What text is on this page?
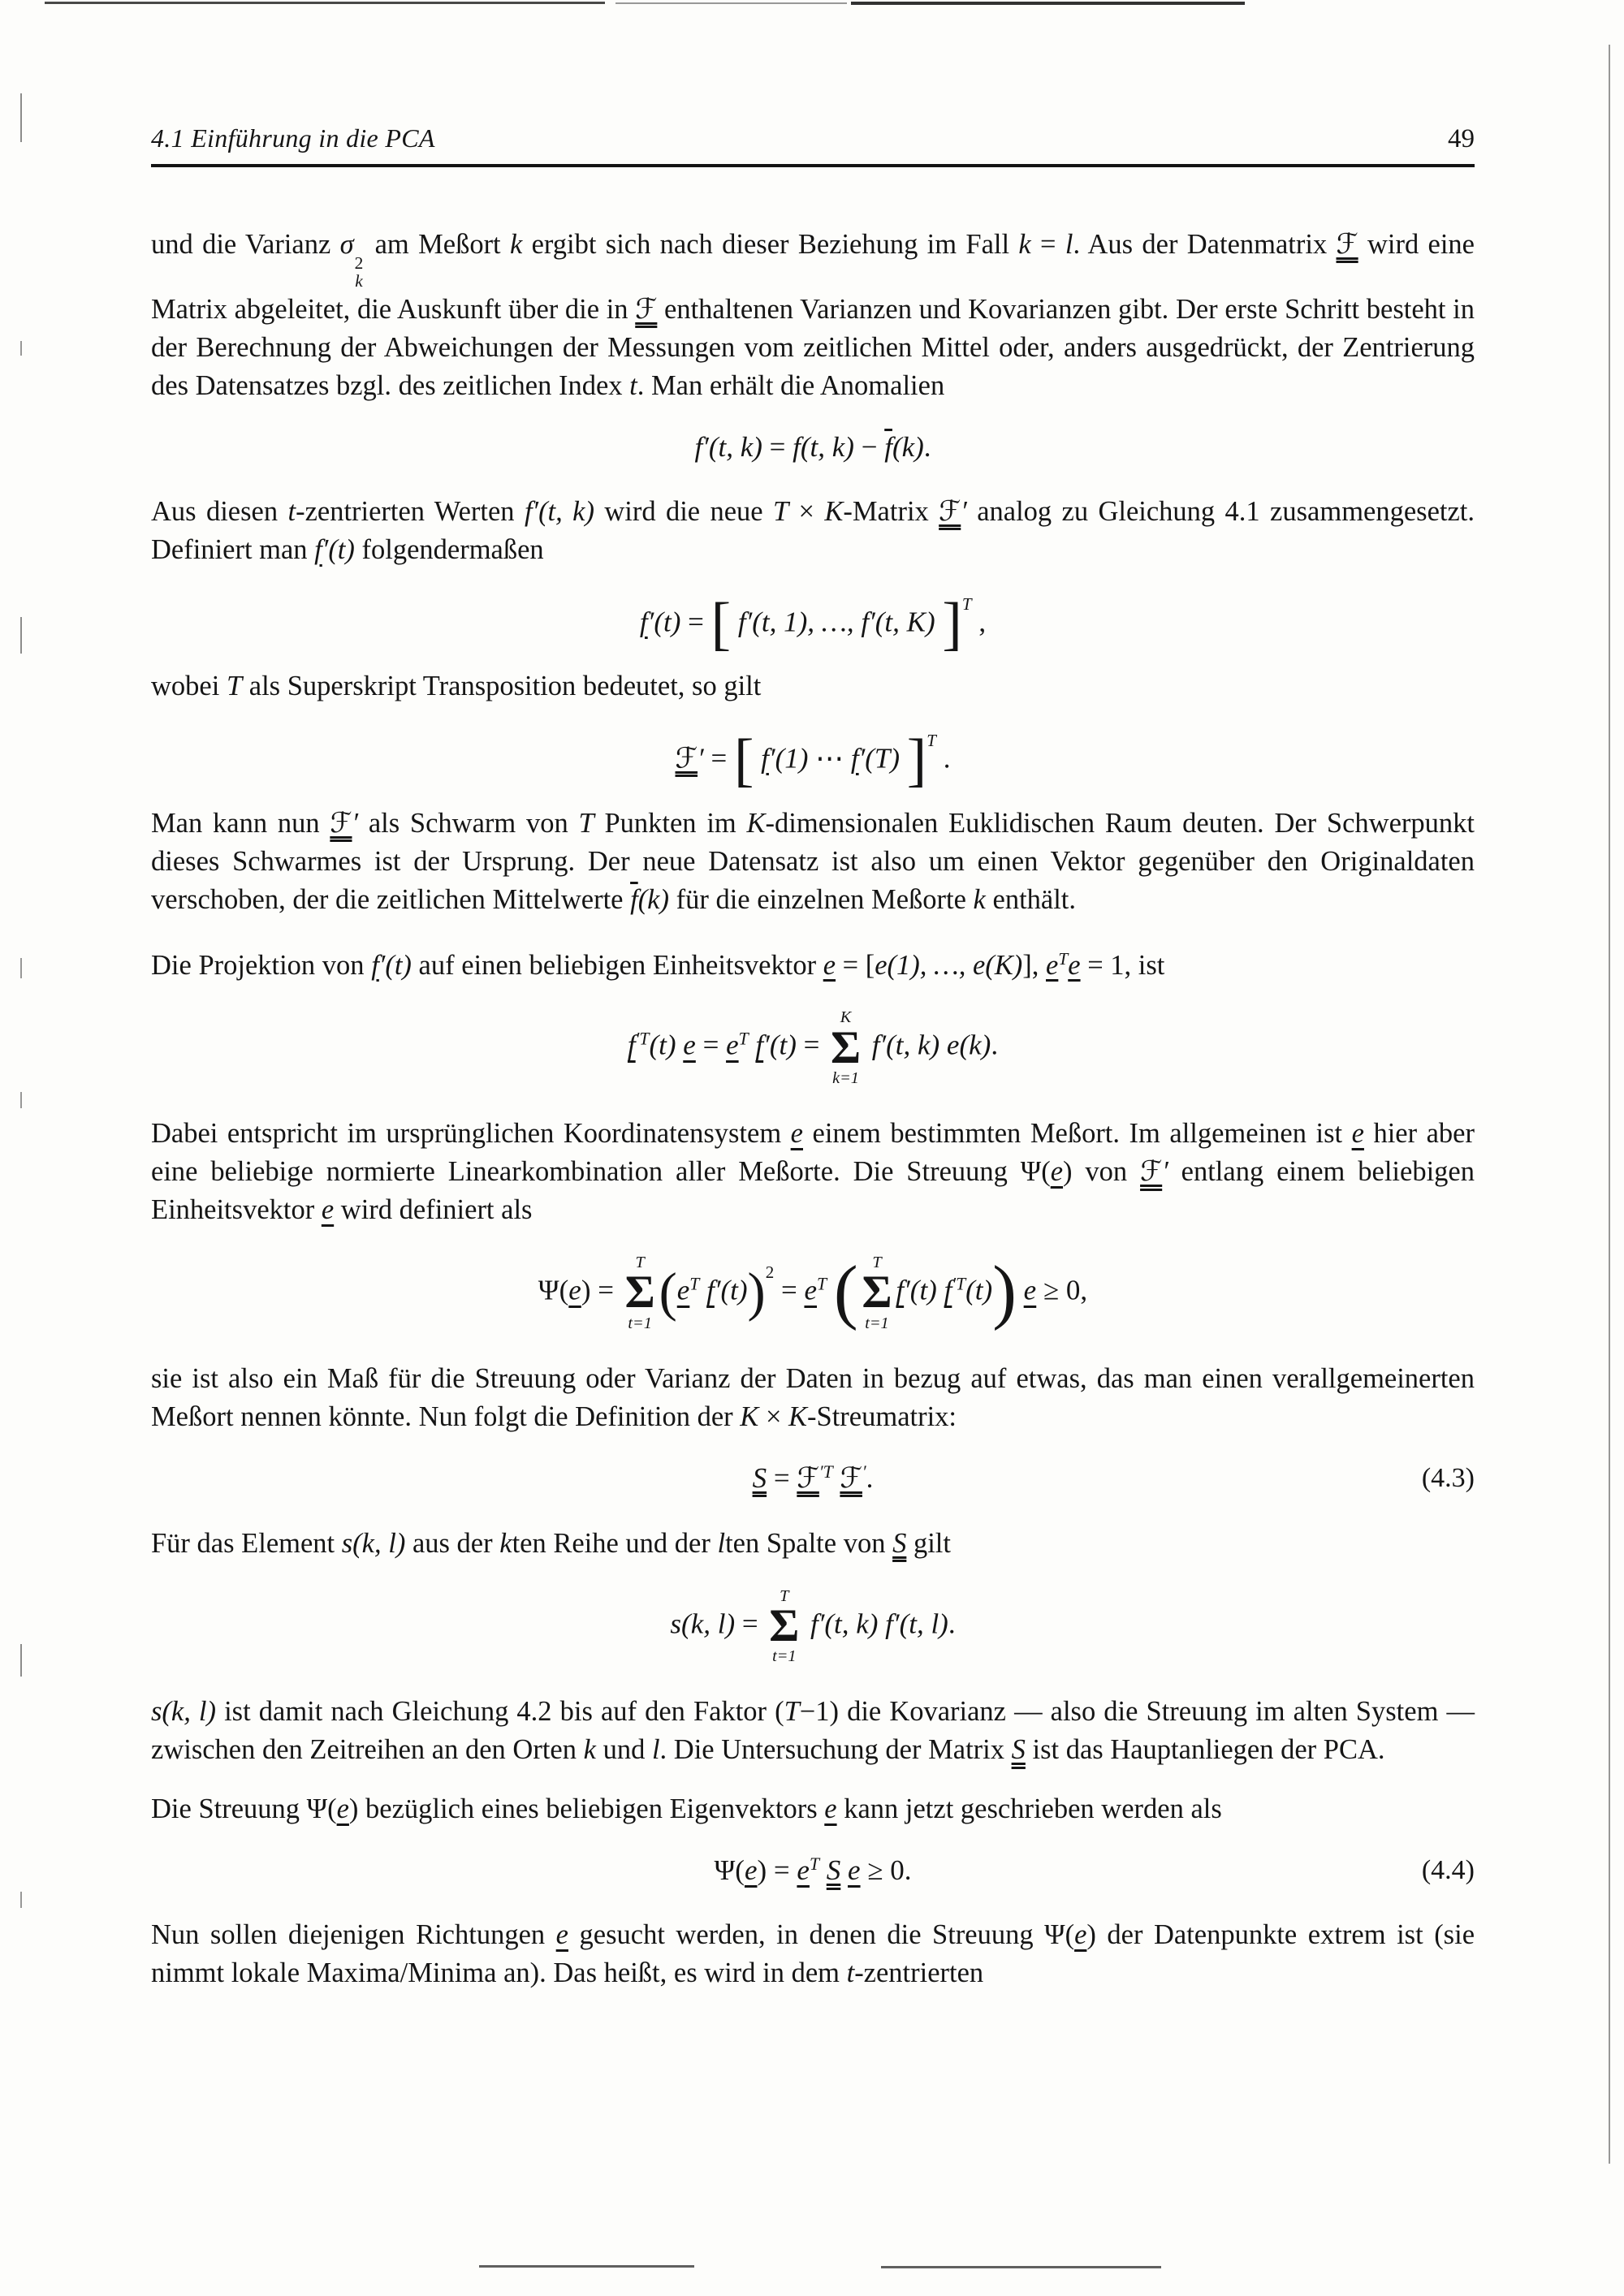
4.1 Einführung in die PCA	49

und die Varianz σ
2
k
am Meßort k ergibt sich nach dieser Beziehung im Fall k = l. Aus der Datenmatrix ℱ wird eine Matrix abgeleitet, die Auskunft über die in ℱ enthaltenen Varianzen und Kovarianzen gibt. Der erste Schritt besteht in der Berechnung der Abweichungen der Messungen vom zeitlichen Mittel oder, anders ausgedrückt, der Zentrierung des Datensatzes bzgl. des zeitlichen Index t. Man erhält die Anomalien

f′(t, k) = f(t, $k) - \overline{f}(k)$.

Aus diesen t-zentrierten Werten f′(t, k) wird die neue T × K-Matrix ℱ′ analog zu Gleichung 4.1 zusammengesetzt. Definiert man f′(t) folgendermaßen

f′(t) = [ f′(t, 1), …, f′(t, K) ]$^T$ ,

wobei T als Superskript Transposition bedeutet, so gilt

ℱ′ = [ f′(1) ⋯ f′(T) ]$^T$ .

Man kann nun ℱ′ als Schwarm von T Punkten im K-dimensionalen Euklidischen Raum deuten. Der Schwerpunkt dieses Schwarmes ist der Ursprung. Der neue Datensatz ist also um einen Vektor gegenüber den Originaldaten verschoben, der die zeitlichen Mittelwerte $\overline{f}(k)$ für die einzelnen Meßorte k enthält.

Die Projektion von f′(t) auf einen beliebigen Einheitsvektor e = [e(1), …, e(K)], $e^Te = 1$, ist

$f^{'T}(t) e = e^T$ f′(t) =
K
Σ
k=1
f′(t, k) e(k).

Dabei entspricht im ursprünglichen Koordinatensystem e einem bestimmten Meßort. Im allgemeinen ist e hier aber eine beliebige normierte Linearkombination aller Meßorte. Die Streuung Ψ(e) von ℱ′ entlang einem beliebigen Einheitsvektor e wird definiert als

Ψ(e) =
T
Σ
t=1
($e^T$ $f'(t))^2 = e^T$ ( T
Σ
t=1
f′(t) $f^{'T}(t)$) e ≥ 0,

sie ist also ein Maß für die Streuung oder Varianz der Daten in bezug auf etwas, das man einen verallgemeinerten Meßort nennen könnte. Nun folgt die Definition der K × K-Streumatrix:

S = ℱ$^{'T}$ ℱ′.	(4.3)

Für das Element s(k, l) aus der kten Reihe und der lten Spalte von S gilt

s(k, l) =
T
Σ
t=1
f′(t, k) f′(t, l).

s(k, l) ist damit nach Gleichung 4.2 bis auf den Faktor (T−1) die Kovarianz — also die Streuung im alten System — zwischen den Zeitreihen an den Orten k und l. Die Untersuchung der Matrix S ist das Hauptanliegen der PCA.

Die Streuung Ψ(e) bezüglich eines beliebigen Eigenvektors e kann jetzt geschrieben werden als

$\Psi(e) = e^T$ S e ≥ 0.	(4.4)

Nun sollen diejenigen Richtungen e gesucht werden, in denen die Streuung Ψ(e) der Datenpunkte extrem ist (sie nimmt lokale Maxima/Minima an). Das heißt, es wird in dem t-zentrierten
